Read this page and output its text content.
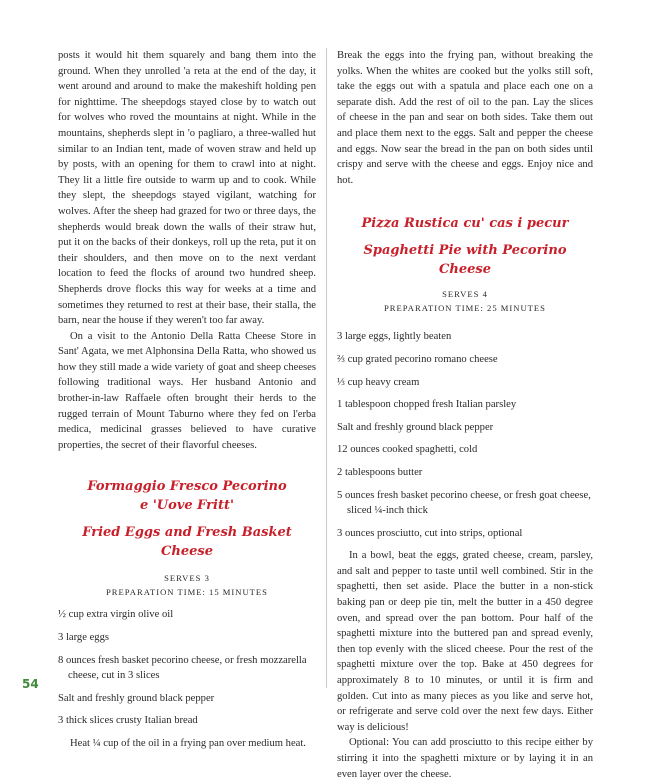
posts it would hit them squarely and bang them into the ground. When they unrolled 'a reta at the end of the day, it went around and around to make the makeshift holding pen for nighttime. The sheepdogs stayed close by to watch out for wolves who roved the mountains at night. While in the mountains, shepherds slept in 'o pagliaro, a three-walled hut similar to an Indian tent, made of woven straw and held up by posts, with an opening for them to crawl into at night. They lit a little fire outside to warm up and to cook. While they slept, the sheepdogs stayed vigilant, watching for wolves. After the sheep had grazed for two or three days, the shepherds would break down the walls of their straw hut, put it on the backs of their donkeys, roll up the reta, put it on their shoulders, and then move on to the next verdant location to feed the flocks of around two hundred sheep. Shepherds drove flocks this way for weeks at a time and sometimes they returned to rest at their base, their stalla, the barn, near the house if they weren't too far away.

On a visit to the Antonio Della Ratta Cheese Store in Sant' Agata, we met Alphonsina Della Ratta, who showed us how they still made a wide variety of goat and sheep cheeses following traditional ways. Her husband Antonio and brother-in-law Raffaele often brought their herds to the rugged terrain of Mount Taburno where they fed on l'erba medica, medicinal grasses believed to have curative properties, the secret of their flavorful cheeses.

Formaggio Fresco Pecorino

e 'Uove Fritt'

Fried Eggs and Fresh Basket Cheese

SERVES 3

PREPARATION TIME: 15 MINUTES

½ cup extra virgin olive oil
3 large eggs
8 ounces fresh basket pecorino cheese, or fresh mozzarella cheese, cut in 3 slices
Salt and freshly ground black pepper
3 thick slices crusty Italian bread

Heat ¼ cup of the oil in a frying pan over medium heat.

Break the eggs into the frying pan, without breaking the yolks. When the whites are cooked but the yolks still soft, take the eggs out with a spatula and place each one on a separate dish. Add the rest of oil to the pan. Lay the slices of cheese in the pan and sear on both sides. Take them out and place them next to the eggs. Salt and pepper the cheese and eggs. Now sear the bread in the pan on both sides until crispy and serve with the cheese and eggs. Enjoy nice and hot.

Pizza Rustica cu' cas i pecur

Spaghetti Pie with Pecorino Cheese

SERVES 4

PREPARATION TIME: 25 MINUTES

3 large eggs, lightly beaten
⅔ cup grated pecorino romano cheese
⅓ cup heavy cream
1 tablespoon chopped fresh Italian parsley
Salt and freshly ground black pepper
12 ounces cooked spaghetti, cold
2 tablespoons butter
5 ounces fresh basket pecorino cheese, or fresh goat cheese, sliced ¼-inch thick
3 ounces prosciutto, cut into strips, optional

In a bowl, beat the eggs, grated cheese, cream, parsley, and salt and pepper to taste until well combined. Stir in the spaghetti, then set aside. Place the butter in a non-stick baking pan or deep pie tin, melt the butter in a 450 degree oven, and spread over the pan bottom. Pour half of the spaghetti mixture into the buttered pan and spread evenly, then top evenly with the sliced cheese. Pour the rest of the spaghetti mixture over the top. Bake at 450 degrees for approximately 8 to 10 minutes, or until it is firm and golden. Cut into as many pieces as you like and serve hot, or refrigerate and serve cold over the next few days. Either way is delicious!

Optional: You can add prosciutto to this recipe either by stirring it into the spaghetti mixture or by laying it in an even layer over the cheese.

54
